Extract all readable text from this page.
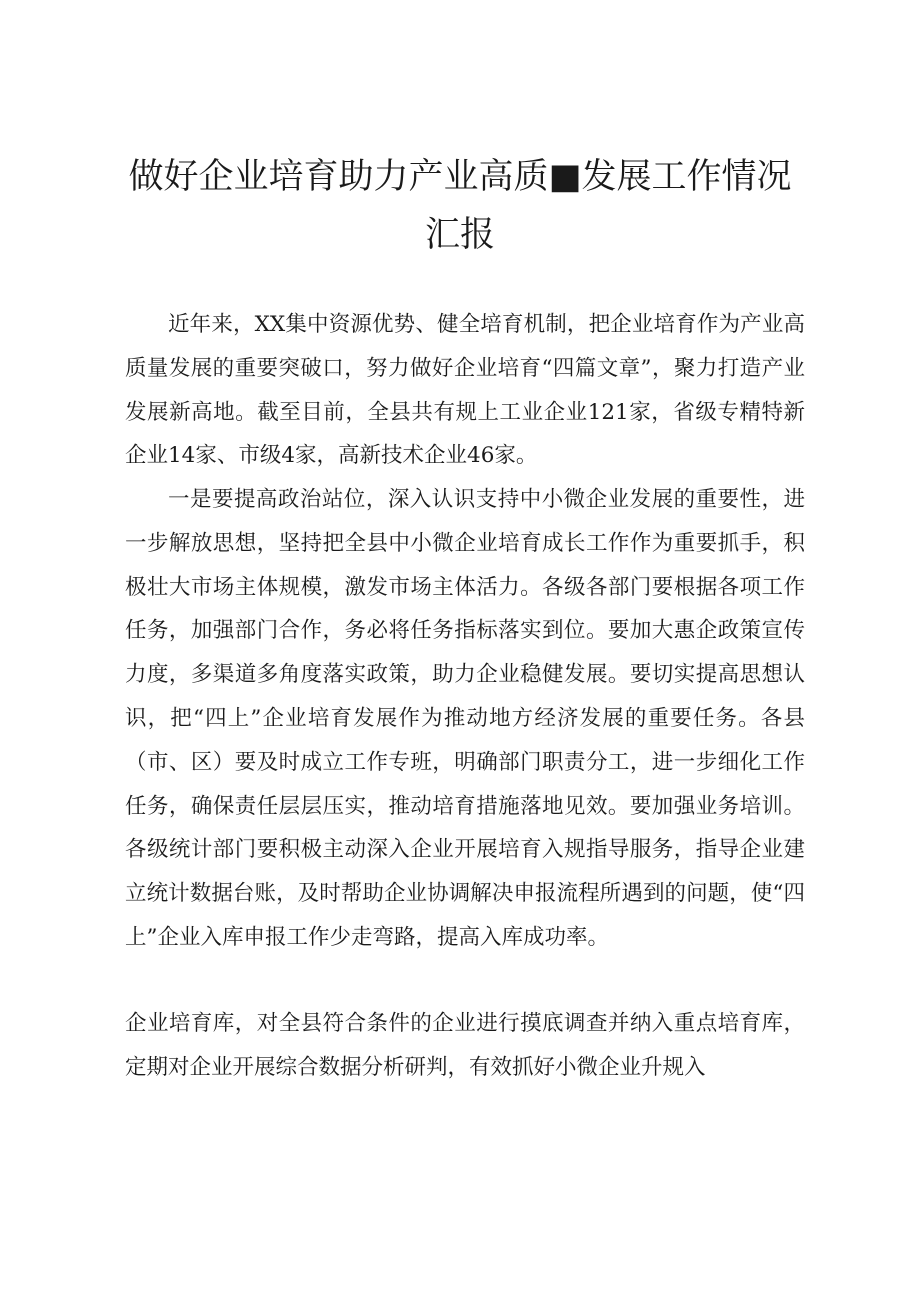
做好企业培育助力产业高质■发展工作情况
汇报

近年来，XX集中资源优势、健全培育机制，把企业培育作为产业高质量发展的重要突破口，努力做好企业培育“四篇文章”，聚力打造产业发展新高地。截至目前，全县共有规上工业企业121家，省级专精特新企业14家、市级4家，高新技术企业46家。

一是要提高政治站位，深入认识支持中小微企业发展的重要性，进一步解放思想，坚持把全县中小微企业培育成长工作作为重要抓手，积极壮大市场主体规模，激发市场主体活力。各级各部门要根据各项工作任务，加强部门合作，务必将任务指标落实到位。要加大惠企政策宣传力度，多渠道多角度落实政策，助力企业稳健发展。要切实提高思想认识，把“四上”企业培育发展作为推动地方经济发展的重要任务。各县（市、区）要及时成立工作专班，明确部门职责分工，进一步细化工作任务，确保责任层层压实，推动培育措施落地见效。要加强业务培训。各级统计部门要积极主动深入企业开展培育入规指导服务，指导企业建立统计数据台账，及时帮助企业协调解决申报流程所遇到的问题，使“四上”企业入库申报工作少走弯路，提高入库成功率。

企业培育库，对全县符合条件的企业进行摸底调查并纳入重点培育库，定期对企业开展综合数据分析研判，有效抓好小微企业升规入
